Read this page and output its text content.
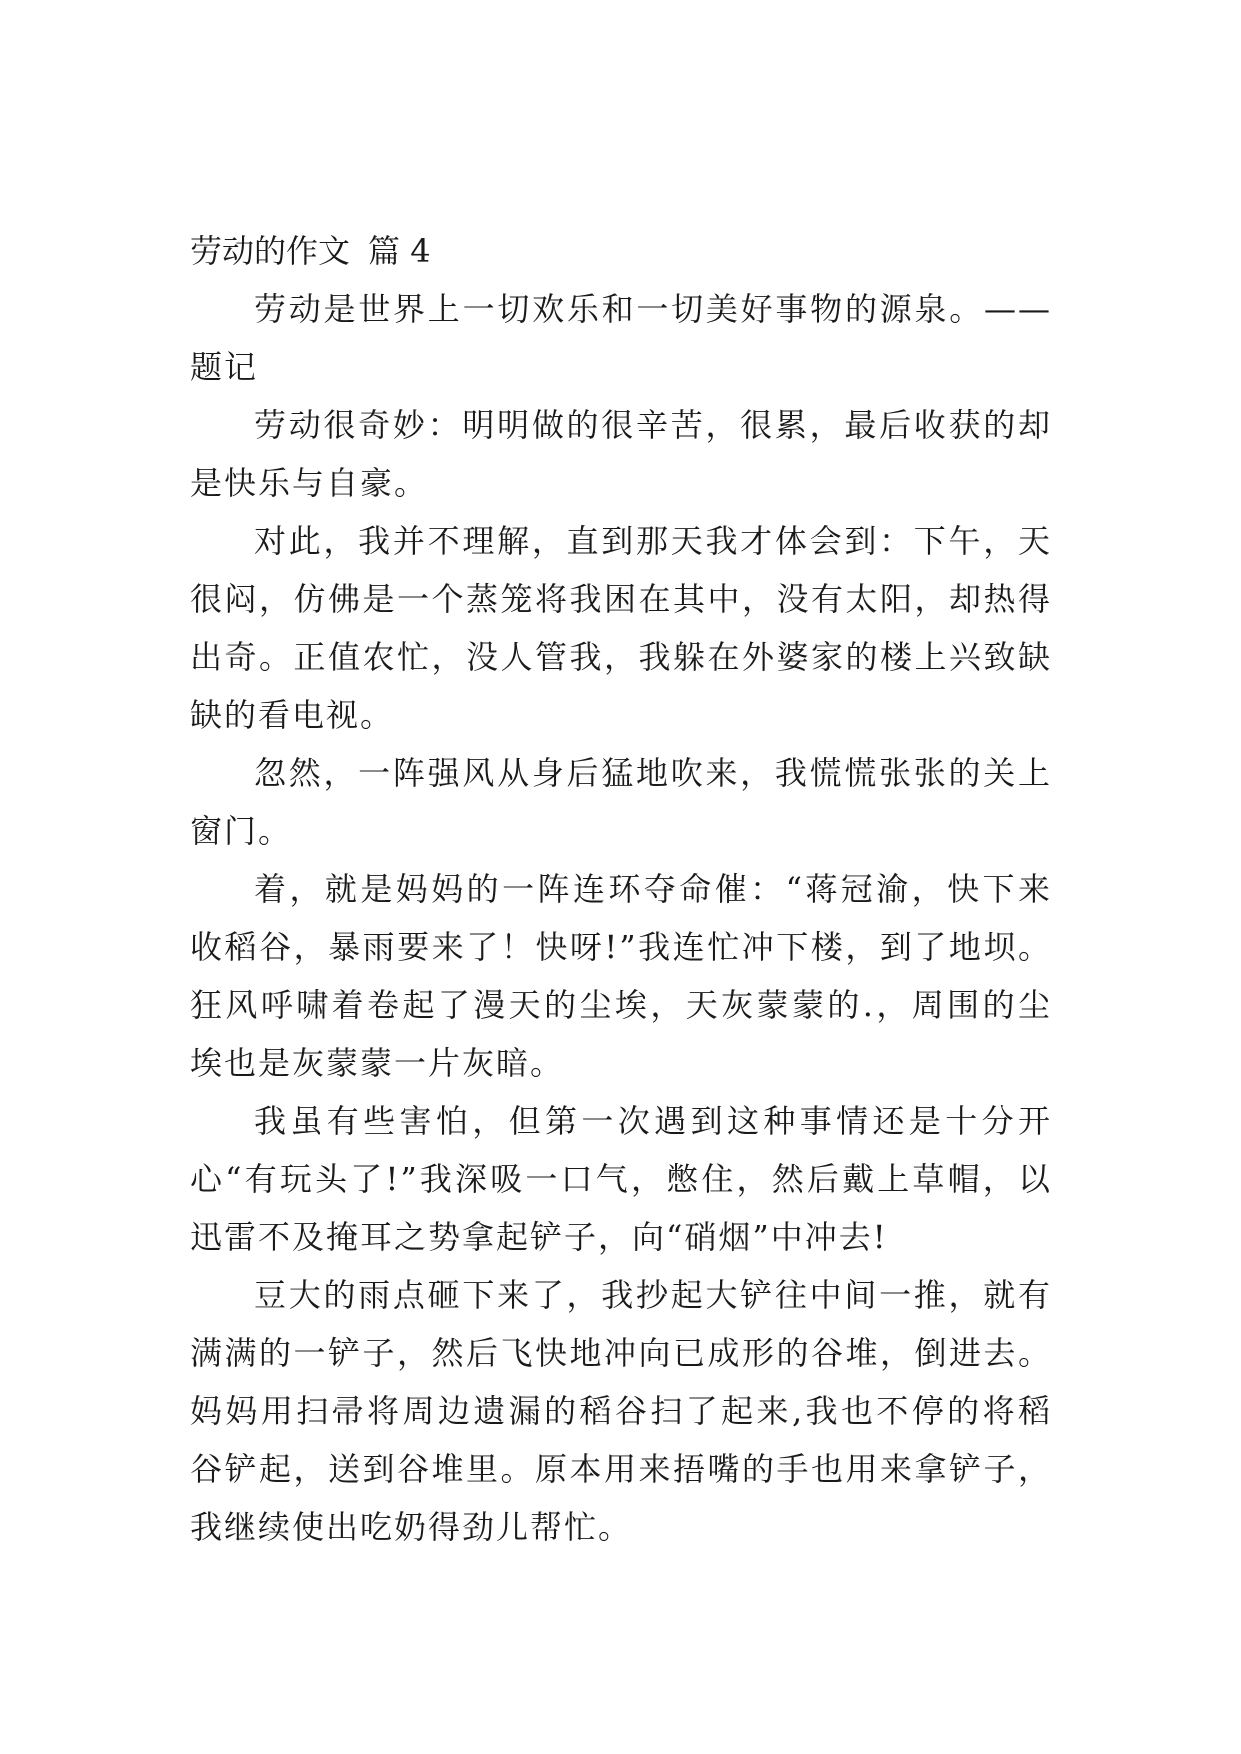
劳动的作文 篇 4

劳动是世界上一切欢乐和一切美好事物的源泉。——题记

劳动很奇妙：明明做的很辛苦，很累，最后收获的却是快乐与自豪。

对此，我并不理解，直到那天我才体会到：下午，天很闷，仿佛是一个蒸笼将我困在其中，没有太阳，却热得出奇。正值农忙，没人管我，我躲在外婆家的楼上兴致缺缺的看电视。

忽然，一阵强风从身后猛地吹来，我慌慌张张的关上窗门。

着，就是妈妈的一阵连环夺命催：“蒋冠渝，快下来收稻谷，暴雨要来了！快呀!”我连忙冲下楼，到了地坝。狂风呼啸着卷起了漫天的尘埃，天灰蒙蒙的.，周围的尘埃也是灰蒙蒙一片灰暗。

我虽有些害怕，但第一次遇到这种事情还是十分开心“有玩头了!”我深吸一口气，憋住，然后戴上草帽，以迅雷不及掩耳之势拿起铲子，向“硝烟”中冲去!

豆大的雨点砸下来了，我抄起大铲往中间一推，就有满满的一铲子，然后飞快地冲向已成形的谷堆，倒进去。妈妈用扫帚将周边遗漏的稻谷扫了起来,我也不停的将稻谷铲起，送到谷堆里。原本用来捂嘴的手也用来拿铲子，我继续使出吃奶得劲儿帮忙。
